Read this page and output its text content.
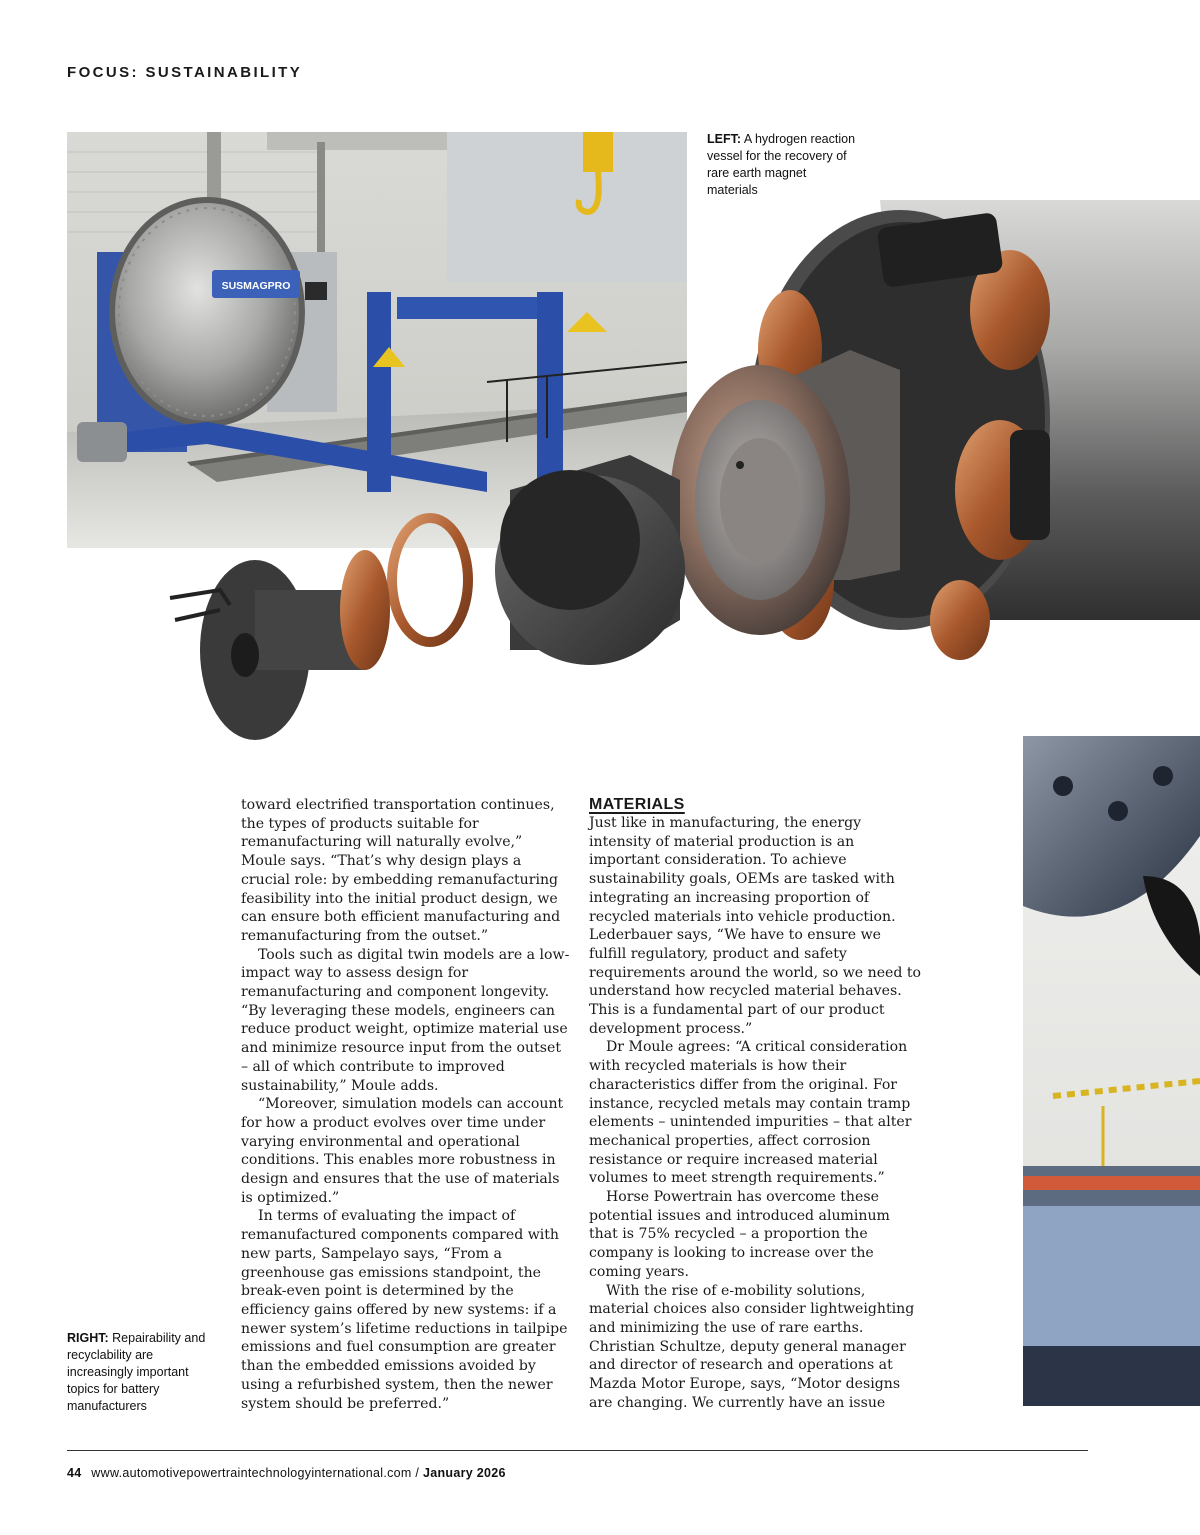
FOCUS: SUSTAINABILITY
SUSMAGPRO
LEFT: A hydrogen reaction vessel for the recovery of rare earth magnet materials
RIGHT: Repairability and recyclability are increasingly important topics for battery manufacturers

toward electrified transportation continues, the types of products suitable for remanufacturing will naturally evolve,” Moule says. “That’s why design plays a crucial role: by embedding remanufacturing feasibility into the initial product design, we can ensure both efficient manufacturing and remanufacturing from the outset.”

Tools such as digital twin models are a low-impact way to assess design for remanufacturing and component longevity. “By leveraging these models, engineers can reduce product weight, optimize material use and minimize resource input from the outset – all of which contribute to improved sustainability,” Moule adds.

“Moreover, simulation models can account for how a product evolves over time under varying environmental and operational conditions. This enables more robustness in design and ensures that the use of materials is optimized.”

In terms of evaluating the impact of remanufactured components compared with new parts, Sampelayo says, “From a greenhouse gas emissions standpoint, the break-even point is determined by the efficiency gains offered by new systems: if a newer system’s lifetime reductions in tailpipe emissions and fuel consumption are greater than the embedded emissions avoided by using a refurbished system, then the newer system should be preferred.”

MATERIALS

Just like in manufacturing, the energy intensity of material production is an important consideration. To achieve sustainability goals, OEMs are tasked with integrating an increasing proportion of recycled materials into vehicle production. Lederbauer says, “We have to ensure we fulfill regulatory, product and safety requirements around the world, so we need to understand how recycled material behaves. This is a fundamental part of our product development process.”

Dr Moule agrees: “A critical consideration with recycled materials is how their characteristics differ from the original. For instance, recycled metals may contain tramp elements – unintended impurities – that alter mechanical properties, affect corrosion resistance or require increased material volumes to meet strength requirements.”

Horse Powertrain has overcome these potential issues and introduced aluminum that is 75% recycled – a proportion the company is looking to increase over the coming years.

With the rise of e-mobility solutions, material choices also consider lightweighting and minimizing the use of rare earths. Christian Schultze, deputy general manager and director of research and operations at Mazda Motor Europe, says, “Motor designs are changing. We currently have an issue

44 www.automotivepowertraintechnologyinternational.com / January 2026
